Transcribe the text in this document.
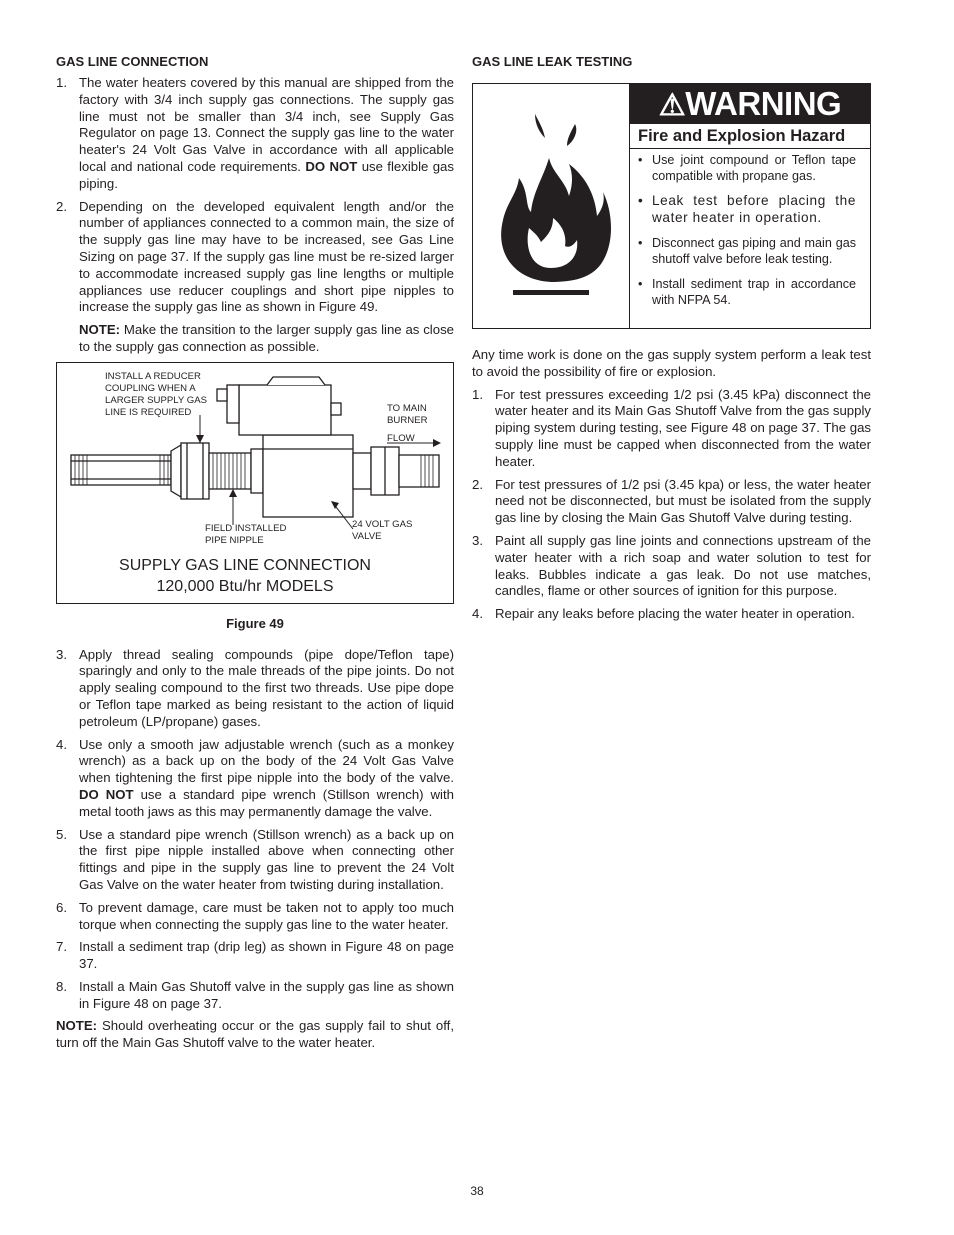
GAS LINE CONNECTION
1. The water heaters covered by this manual are shipped from the factory with 3/4 inch supply gas connections. The supply gas line must not be smaller than 3/4 inch, see Supply Gas Regulator on page 13. Connect the supply gas line to the water heater's 24 Volt Gas Valve in accordance with all applicable local and national code requirements. DO NOT use flexible gas piping.
2. Depending on the developed equivalent length and/or the number of appliances connected to a common main, the size of the supply gas line may have to be increased, see Gas Line Sizing on page 37. If the supply gas line must be re-sized larger to accommodate increased supply gas line lengths or multiple appliances use reducer couplings and short pipe nipples to increase the supply gas line as shown in Figure 49.
NOTE: Make the transition to the larger supply gas line as close to the supply gas connection as possible.
INSTALL A REDUCER COUPLING WHEN A LARGER SUPPLY GAS LINE IS REQUIRED	TO MAIN BURNER
FLOW
FIELD INSTALLED PIPE NIPPLE
24 VOLT GAS VALVE
SUPPLY GAS LINE CONNECTION
120,000 Btu/hr MODELS
Figure 49
3. Apply thread sealing compounds (pipe dope/Teflon tape) sparingly and only to the male threads of the pipe joints. Do not apply sealing compound to the first two threads. Use pipe dope or Teflon tape marked as being resistant to the action of liquid petroleum (LP/propane) gases.
4. Use only a smooth jaw adjustable wrench (such as a monkey wrench) as a back up on the body of the 24 Volt Gas Valve when tightening the first pipe nipple into the body of the valve. DO NOT use a standard pipe wrench (Stillson wrench) with metal tooth jaws as this may permanently damage the valve.
5. Use a standard pipe wrench (Stillson wrench) as a back up on the first pipe nipple installed above when connecting other fittings and pipe in the supply gas line to prevent the 24 Volt Gas Valve on the water heater from twisting during installation.
6. To prevent damage, care must be taken not to apply too much torque when connecting the supply gas line to the water heater.
7. Install a sediment trap (drip leg) as shown in Figure 48 on page 37.
8. Install a Main Gas Shutoff valve in the supply gas line as shown in Figure 48 on page 37.

NOTE: Should overheating occur or the gas supply fail to shut off, turn off the Main Gas Shutoff valve to the water heater.

GAS LINE LEAK TESTING
⚠WARNING
Fire and Explosion Hazard
• Use joint compound or Teflon tape compatible with propane gas.
• Leak test before placing the water heater in operation.
• Disconnect gas piping and main gas shutoff valve before leak testing.
• Install sediment trap in accordance with NFPA 54.

Any time work is done on the gas supply system perform a leak test to avoid the possibility of fire or explosion.

1. For test pressures exceeding 1/2 psi (3.45 kPa) disconnect the water heater and its Main Gas Shutoff Valve from the gas supply piping system during testing, see Figure 48 on page 37. The gas supply line must be capped when disconnected from the water heater.
2. For test pressures of 1/2 psi (3.45 kpa) or less, the water heater need not be disconnected, but must be isolated from the supply gas line by closing the Main Gas Shutoff Valve during testing.
3. Paint all supply gas line joints and connections upstream of the water heater with a rich soap and water solution to test for leaks. Bubbles indicate a gas leak. Do not use matches, candles, flame or other sources of ignition for this purpose.
4. Repair any leaks before placing the water heater in operation.
38
